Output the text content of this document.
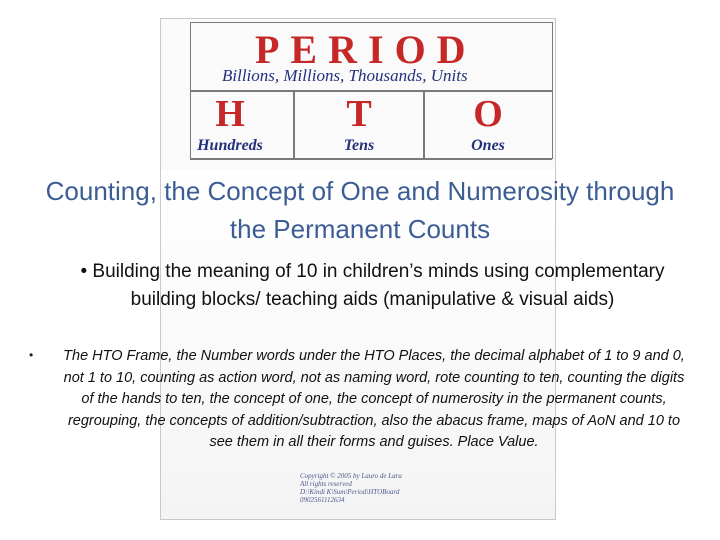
PERIOD
Billions, Millions, Thousands, Units
H	T	O
Hundreds	Tens	Ones
Counting, the Concept of One and Numerosity through the Permanent Counts
• Building the meaning of 10 in children’s minds using complementary building blocks/ teaching aids (manipulative & visual aids)
• The HTO Frame, the Number words under the HTO Places, the decimal alphabet of 1 to 9 and 0, not 1 to 10, counting as action word, not as naming word, rote counting to ten, counting the digits of the hands to ten, the concept of one, the concept of numerosity in the permanent counts, regrouping, the concepts of addition/subtraction, also the abacus frame, maps of AoN and 10 to see them in all their forms and guises. Place Value.
Copyright © 2005 by Lauro de Lara
All rights reserved
D:\Kindi K\Sum\Period\HTOBoard
0902561112634
